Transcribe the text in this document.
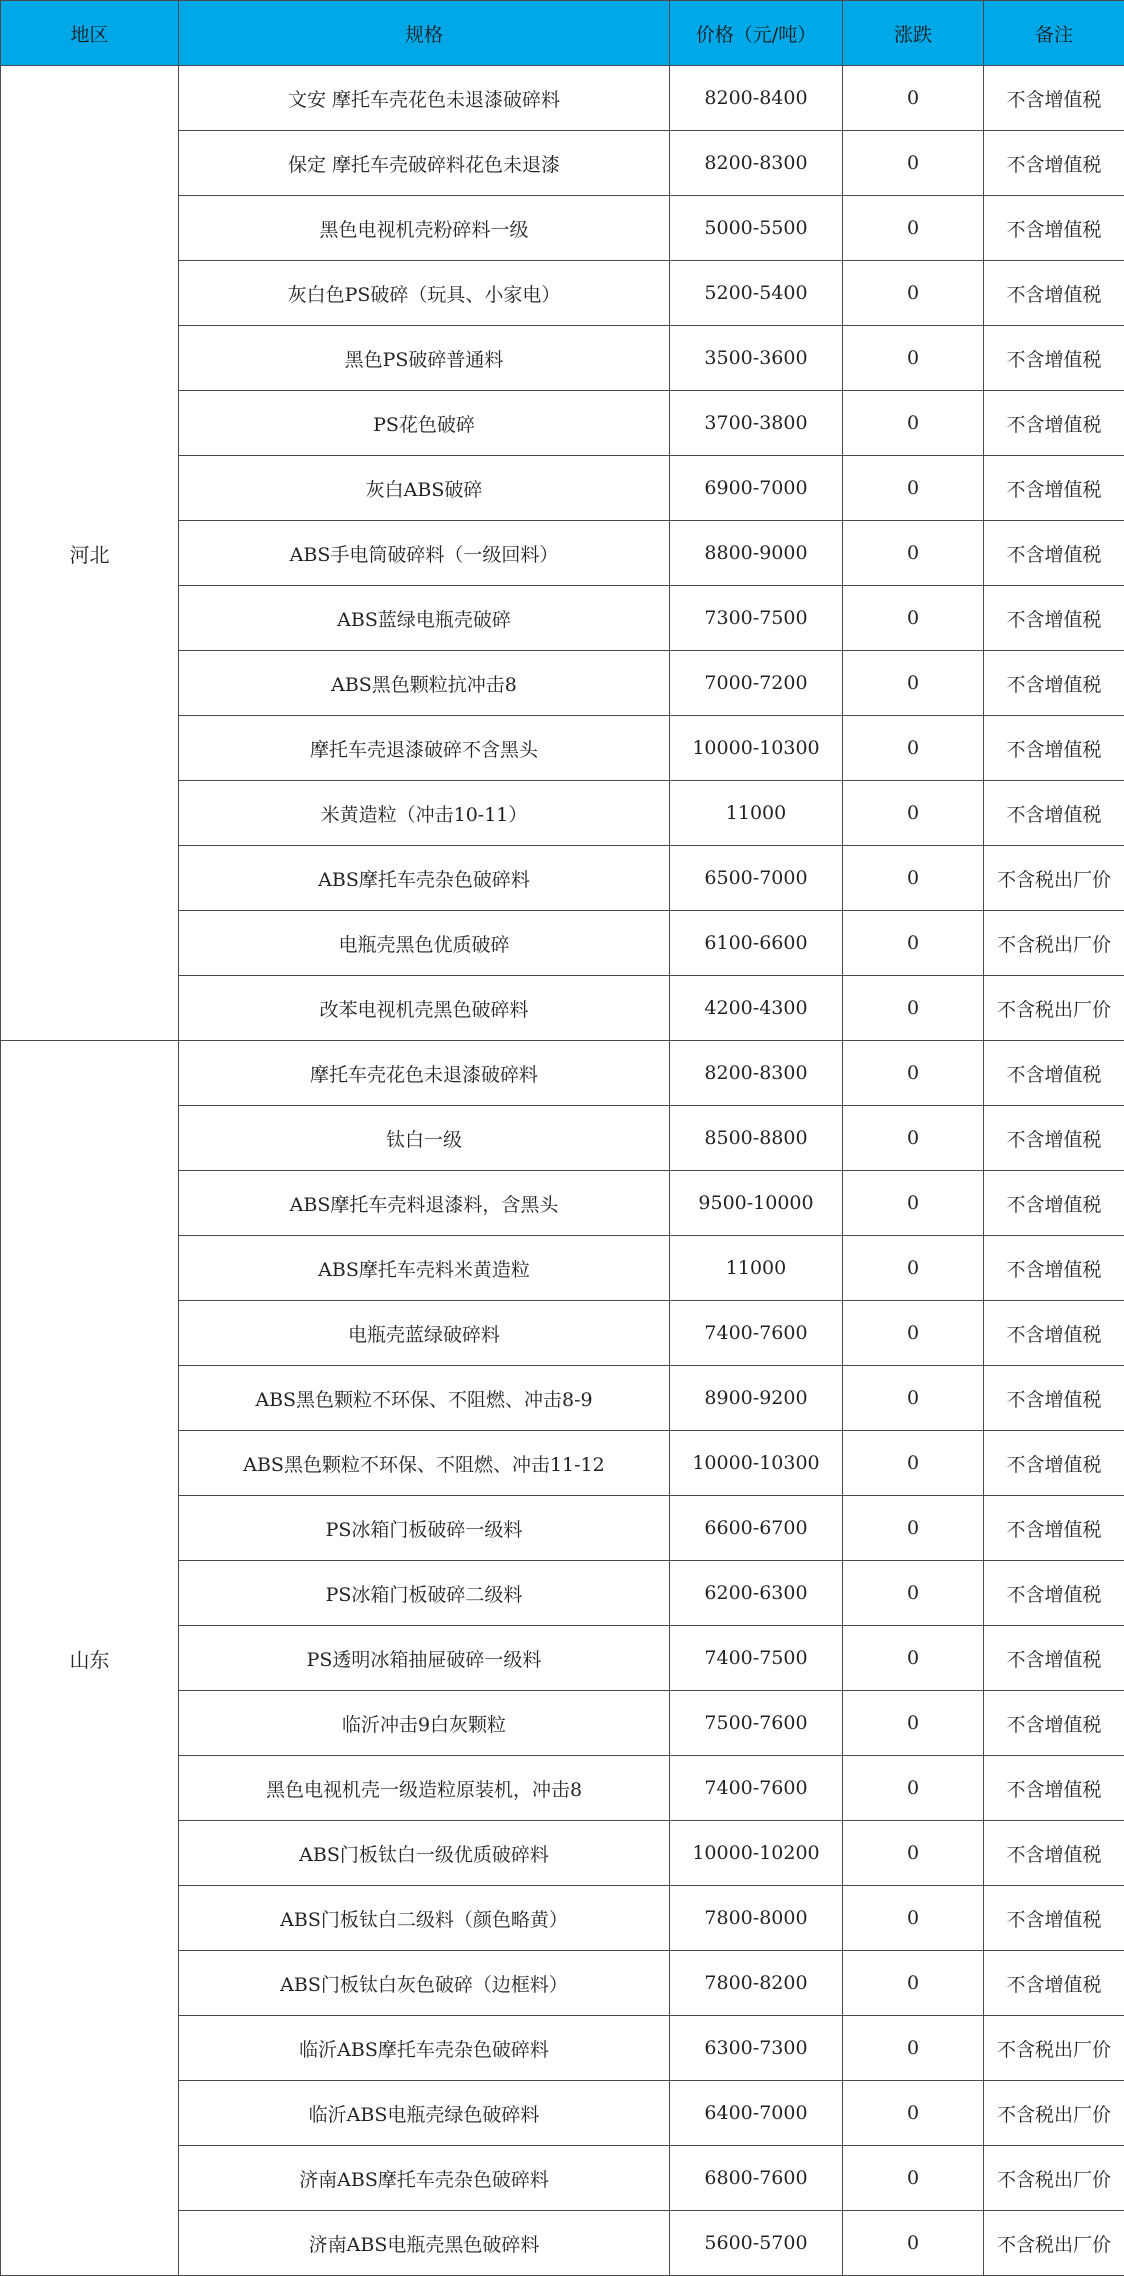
地区	规格	价格（元/吨）	涨跌	备注
河北	文安 摩托车壳花色未退漆破碎料	8200-8400	0	不含增值税
	保定 摩托车壳破碎料花色未退漆	8200-8300	0	不含增值税
	黑色电视机壳粉碎料一级	5000-5500	0	不含增值税
	灰白色PS破碎（玩具、小家电）	5200-5400	0	不含增值税
	黑色PS破碎普通料	3500-3600	0	不含增值税
	PS花色破碎	3700-3800	0	不含增值税
	灰白ABS破碎	6900-7000	0	不含增值税
	ABS手电筒破碎料（一级回料）	8800-9000	0	不含增值税
	ABS蓝绿电瓶壳破碎	7300-7500	0	不含增值税
	ABS黑色颗粒抗冲击8	7000-7200	0	不含增值税
	摩托车壳退漆破碎不含黑头	10000-10300	0	不含增值税
	米黄造粒（冲击10-11）	11000	0	不含增值税
	ABS摩托车壳杂色破碎料	6500-7000	0	不含税出厂价
	电瓶壳黑色优质破碎	6100-6600	0	不含税出厂价
	改苯电视机壳黑色破碎料	4200-4300	0	不含税出厂价
山东	摩托车壳花色未退漆破碎料	8200-8300	0	不含增值税
	钛白一级	8500-8800	0	不含增值税
	ABS摩托车壳料退漆料，含黑头	9500-10000	0	不含增值税
	ABS摩托车壳料米黄造粒	11000	0	不含增值税
	电瓶壳蓝绿破碎料	7400-7600	0	不含增值税
	ABS黑色颗粒不环保、不阻燃、冲击8-9	8900-9200	0	不含增值税
	ABS黑色颗粒不环保、不阻燃、冲击11-12	10000-10300	0	不含增值税
	PS冰箱门板破碎一级料	6600-6700	0	不含增值税
	PS冰箱门板破碎二级料	6200-6300	0	不含增值税
	PS透明冰箱抽屉破碎一级料	7400-7500	0	不含增值税
	临沂冲击9白灰颗粒	7500-7600	0	不含增值税
	黑色电视机壳一级造粒原装机，冲击8	7400-7600	0	不含增值税
	ABS门板钛白一级优质破碎料	10000-10200	0	不含增值税
	ABS门板钛白二级料（颜色略黄）	7800-8000	0	不含增值税
	ABS门板钛白灰色破碎（边框料）	7800-8200	0	不含增值税
	临沂ABS摩托车壳杂色破碎料	6300-7300	0	不含税出厂价
	临沂ABS电瓶壳绿色破碎料	6400-7000	0	不含税出厂价
	济南ABS摩托车壳杂色破碎料	6800-7600	0	不含税出厂价
	济南ABS电瓶壳黑色破碎料	5600-5700	0	不含税出厂价
